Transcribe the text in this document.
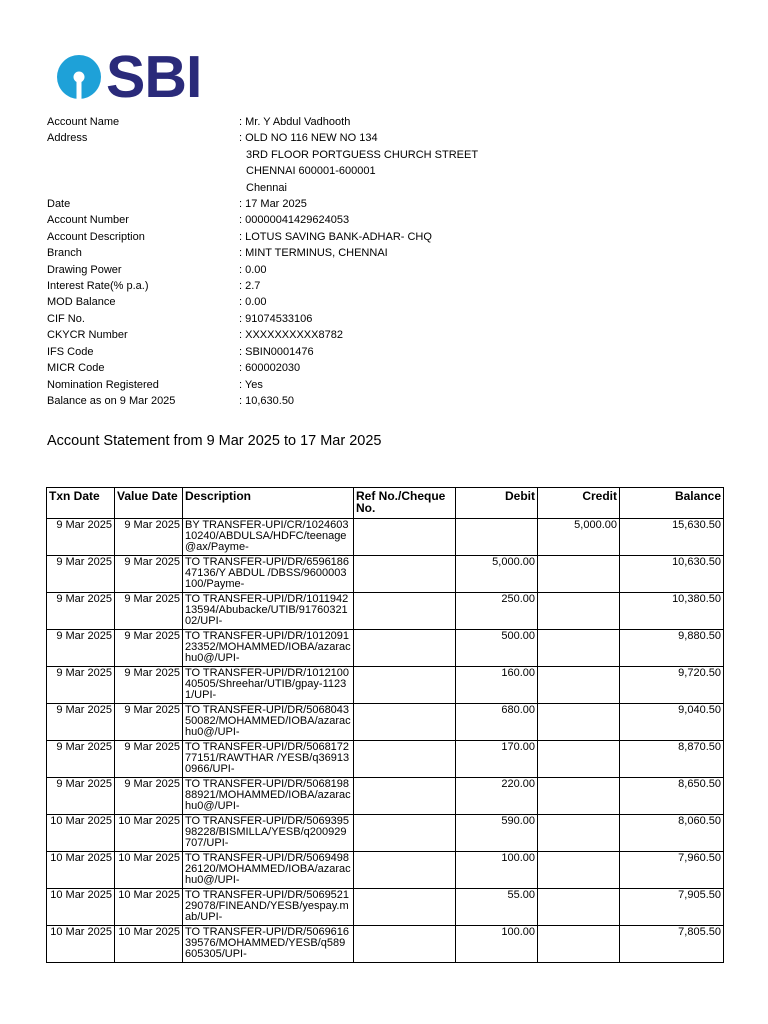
SBI
Account Name	: Mr. Y Abdul Vadhooth
Address	: OLD NO 116 NEW NO 134
3RD FLOOR PORTGUESS CHURCH STREET
CHENNAI 600001-600001
Chennai
Date	: 17 Mar 2025
Account Number	: 00000041429624053
Account Description	: LOTUS SAVING BANK-ADHAR- CHQ
Branch	: MINT TERMINUS, CHENNAI
Drawing Power	: 0.00
Interest Rate(% p.a.)	: 2.7
MOD Balance	: 0.00
CIF No.	: 91074533106
CKYCR Number	: XXXXXXXXXX8782
IFS Code	: SBIN0001476
MICR Code	: 600002030
Nomination Registered	: Yes
Balance as on 9 Mar 2025	: 10,630.50
Account Statement from 9 Mar 2025 to 17 Mar 2025
Txn Date	Value Date	Description	Ref No./Cheque No.	Debit	Credit	Balance
9 Mar 2025	9 Mar 2025	BY TRANSFER-UPI/CR/102460310240/ABDULSA/HDFC/teenage@ax/Payme-			5,000.00	15,630.50
9 Mar 2025	9 Mar 2025	TO TRANSFER-UPI/DR/659618647136/Y ABDUL /DBSS/9600003100/Payme-		5,000.00		10,630.50
9 Mar 2025	9 Mar 2025	TO TRANSFER-UPI/DR/101194213594/Abubacke/UTIB/9176032102/UPI-		250.00		10,380.50
9 Mar 2025	9 Mar 2025	TO TRANSFER-UPI/DR/101209123352/MOHAMMED/IOBA/azarachu0@/UPI-		500.00		9,880.50
9 Mar 2025	9 Mar 2025	TO TRANSFER-UPI/DR/101210040505/Shreehar/UTIB/gpay-11231/UPI-		160.00		9,720.50
9 Mar 2025	9 Mar 2025	TO TRANSFER-UPI/DR/506804350082/MOHAMMED/IOBA/azarachu0@/UPI-		680.00		9,040.50
9 Mar 2025	9 Mar 2025	TO TRANSFER-UPI/DR/506817277151/RAWTHAR /YESB/q369130966/UPI-		170.00		8,870.50
9 Mar 2025	9 Mar 2025	TO TRANSFER-UPI/DR/506819888921/MOHAMMED/IOBA/azarachu0@/UPI-		220.00		8,650.50
10 Mar 2025	10 Mar 2025	TO TRANSFER-UPI/DR/506939598228/BISMILLA/YESB/q200929707/UPI-		590.00		8,060.50
10 Mar 2025	10 Mar 2025	TO TRANSFER-UPI/DR/506949826120/MOHAMMED/IOBA/azarachu0@/UPI-		100.00		7,960.50
10 Mar 2025	10 Mar 2025	TO TRANSFER-UPI/DR/506952129078/FINEAND/YESB/yespay.mab/UPI-		55.00		7,905.50
10 Mar 2025	10 Mar 2025	TO TRANSFER-UPI/DR/506961639576/MOHAMMED/YESB/q589605305/UPI-		100.00		7,805.50
